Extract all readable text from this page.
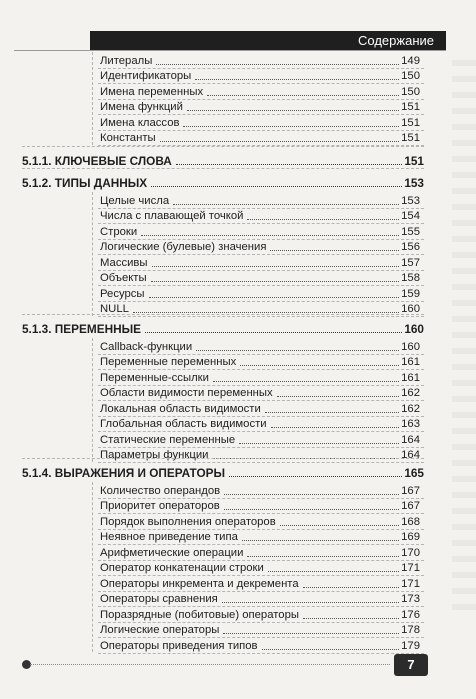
Содержание
Литералы	149
Идентификаторы	150
Имена переменных	150
Имена функций	151
Имена классов	151
Константы	151
5.1.1. КЛЮЧЕВЫЕ СЛОВА	151
5.1.2. ТИПЫ ДАННЫХ	153
Целые числа	153
Числа с плавающей точкой	154
Строки	155
Логические (булевые) значения	156
Массивы	157
Объекты	158
Ресурсы	159
NULL	160
5.1.3. ПЕРЕМЕННЫЕ	160
Callback-функции	160
Переменные переменных	161
Переменные-ссылки	161
Области видимости переменных	162
Локальная область видимости	162
Глобальная область видимости	163
Статические переменные	164
Параметры функции	164
5.1.4. ВЫРАЖЕНИЯ И ОПЕРАТОРЫ	165
Количество операндов	167
Приоритет операторов	167
Порядок выполнения операторов	168
Неявное приведение типа	169
Арифметические операции	170
Оператор конкатенации строки	171
Операторы инкремента и декремента	171
Операторы сравнения	173
Поразрядные (побитовые) операторы	176
Логические операторы	178
Операторы приведения типов	179
7
